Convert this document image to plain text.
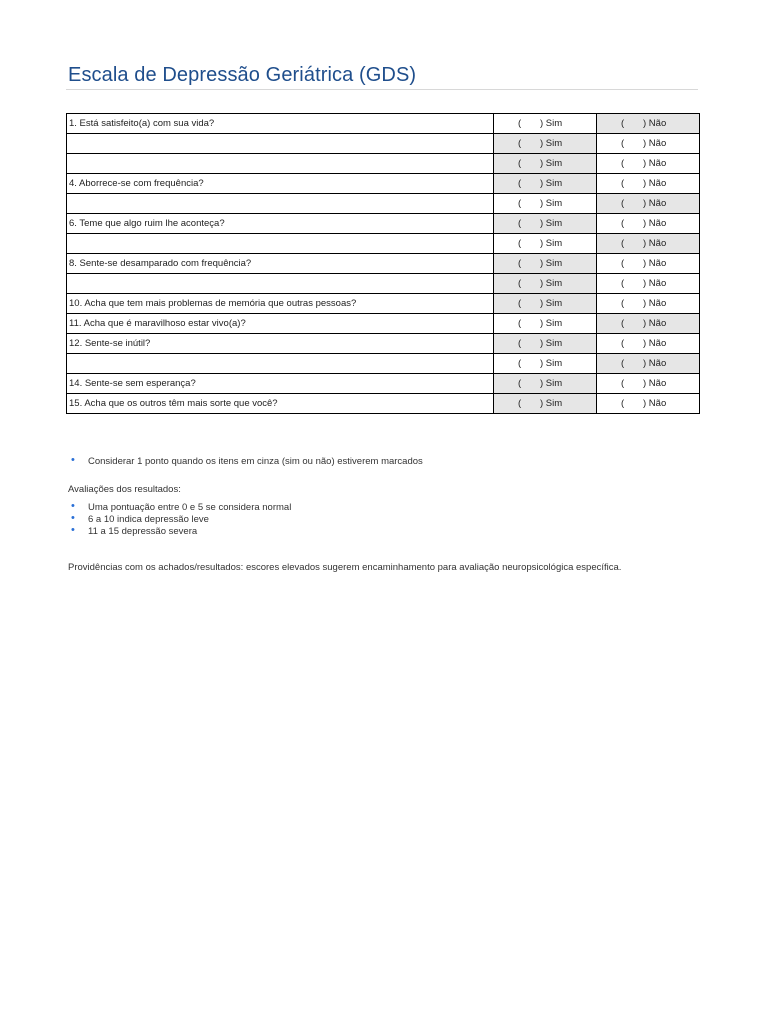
Escala de Depressão Geriátrica (GDS)
1. Está satisfeito(a) com sua vida?	( ) Sim	( ) Não
	( ) Sim	( ) Não
	( ) Sim	( ) Não
4. Aborrece-se com frequência?	( ) Sim	( ) Não
	( ) Sim	( ) Não
6. Teme que algo ruim lhe aconteça?	( ) Sim	( ) Não
	( ) Sim	( ) Não
8. Sente-se desamparado com frequência?	( ) Sim	( ) Não
	( ) Sim	( ) Não
10. Acha que tem mais problemas de memória que outras pessoas?	( ) Sim	( ) Não
11. Acha que é maravilhoso estar vivo(a)?	( ) Sim	( ) Não
12. Sente-se inútil?	( ) Sim	( ) Não
	( ) Sim	( ) Não
14. Sente-se sem esperança?	( ) Sim	( ) Não
15. Acha que os outros têm mais sorte que você?	( ) Sim	( ) Não
• Considerar 1 ponto quando os itens em cinza (sim ou não) estiverem marcados
Avaliações dos resultados:
• Uma pontuação entre 0 e 5 se considera normal
• 6 a 10 indica depressão leve
• 11 a 15 depressão severa
Providências com os achados/resultados: escores elevados sugerem encaminhamento para avaliação neuropsicológica específica.
